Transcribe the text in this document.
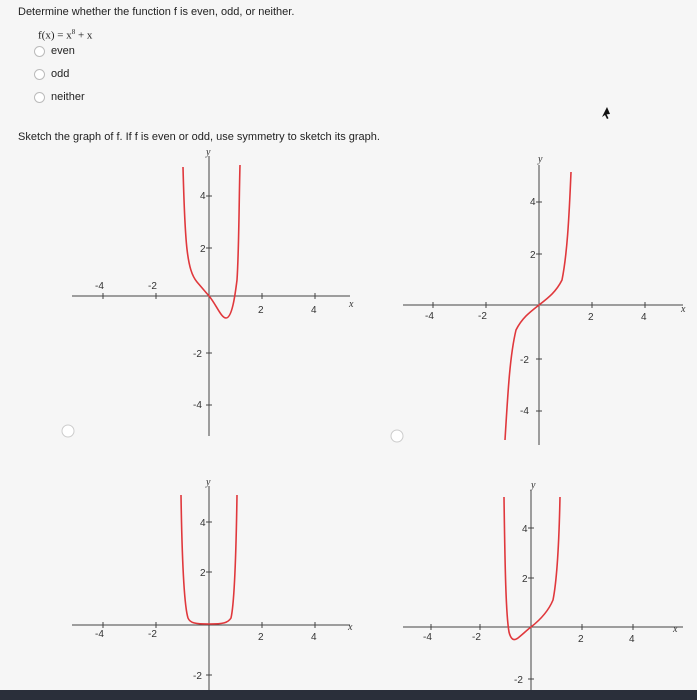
Determine whether the function f is even, odd, or neither.
$f(x) = x^8 + x$
even
odd
neither
Sketch the graph of f. If f is even or odd, use symmetry to sketch its graph.
x
y
-4	-2
2	4
4
2
-2
-4
x
y
-4	-2	2	4
4
2
-2
-4
x
y
-4	-2	2	4
4
2
-2
x
y
-4	-2	2	4
4
2
-2
